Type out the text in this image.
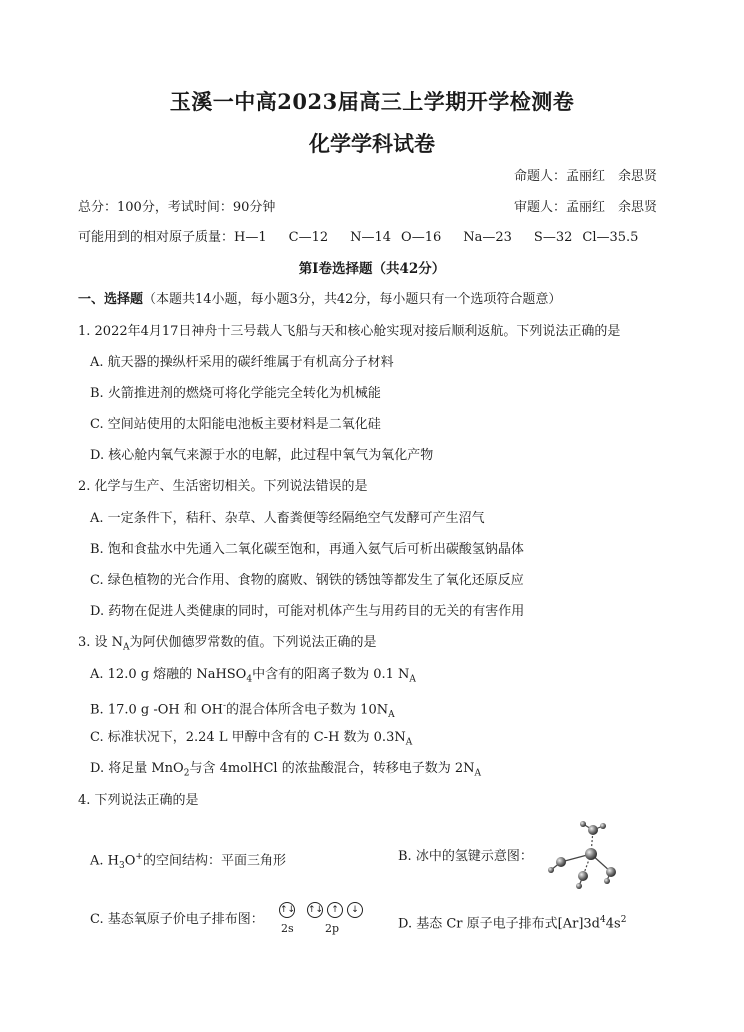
玉溪一中高2023届高三上学期开学检测卷
化学学科试卷
命题人：孟丽红　余思贤
总分：100分，考试时间：90分钟	审题人：孟丽红　余思贤
可能用到的相对原子质量：H—1 C—12 N—14 O—16 Na—23 S—32 Cl—35.5
第Ⅰ卷选择题（共42分）
一、选择题（本题共14小题，每小题3分，共42分，每小题只有一个选项符合题意）
1. 2022年4月17日神舟十三号载人飞船与天和核心舱实现对接后顺利返航。下列说法正确的是
A. 航天器的操纵杆采用的碳纤维属于有机高分子材料
B. 火箭推进剂的燃烧可将化学能完全转化为机械能
C. 空间站使用的太阳能电池板主要材料是二氧化硅
D. 核心舱内氧气来源于水的电解，此过程中氧气为氧化产物
2. 化学与生产、生活密切相关。下列说法错误的是
A. 一定条件下，秸秆、杂草、人畜粪便等经隔绝空气发酵可产生沼气
B. 饱和食盐水中先通入二氧化碳至饱和，再通入氨气后可析出碳酸氢钠晶体
C. 绿色植物的光合作用、食物的腐败、钢铁的锈蚀等都发生了氧化还原反应
D. 药物在促进人类健康的同时，可能对机体产生与用药目的无关的有害作用
3. 设 $N_A$为阿伏伽德罗常数的值。下列说法正确的是
A. 12.0 g 熔融的 NaHSO$_4$中含有的阳离子数为 0.1 $N_A$
B. 17.0 g -OH 和 OH-的混合体所含电子数为 $10N_A$
C. 标准状况下，2.24 L 甲醇中含有的 C-H 数为 $0.3N_A$
D. 将足量 MnO$_2$与含 4molHCl 的浓盐酸混合，转移电子数为 $2N_A$
4. 下列说法正确的是
A. $H_3O^+$的空间结构：平面三角形	B. 冰中的氢键示意图：
C. 基态氧原子价电子排布图：
↑↓ ↑↓ ↑	↓
2s	2p	D. 基态 Cr 原子电子排布式$[Ar]3d^44s^2$
